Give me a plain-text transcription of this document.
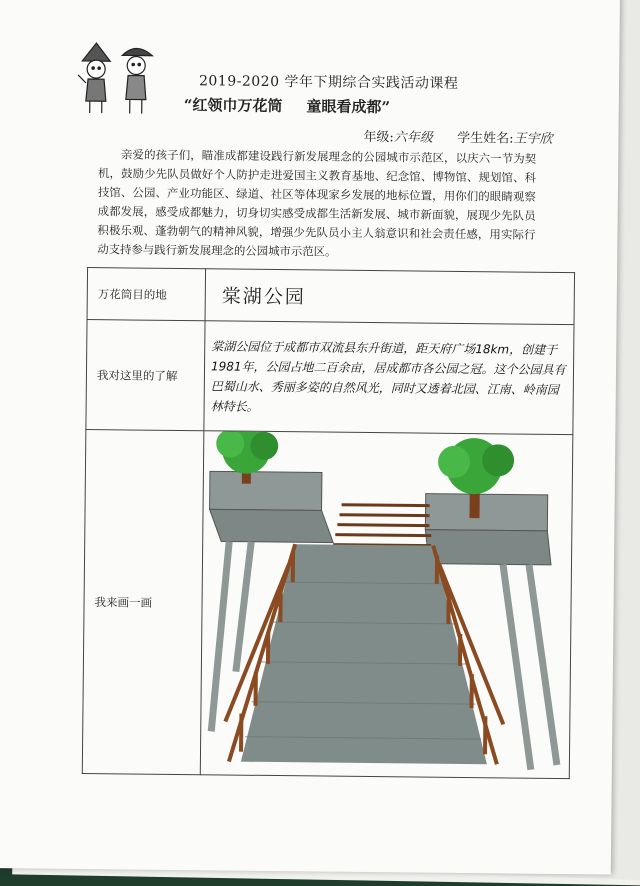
2019-2020 学年下期综合实践活动课程
“红领巾万花筒 童眼看成都”
年级:六年级 学生姓名:王宇欣
亲爱的孩子们，瞄准成都建设践行新发展理念的公园城市示范区，以庆六一节为契机，鼓励少先队员做好个人防护走进爱国主义教育基地、纪念馆、博物馆、规划馆、科技馆、公园、产业功能区、绿道、社区等体现家乡发展的地标位置，用你们的眼睛观察成都发展，感受成都魅力，切身切实感受成都生活新发展、城市新面貌，展现少先队员积极乐观、蓬勃朝气的精神风貌，增强少先队员小主人翁意识和社会责任感，用实际行动支持参与践行新发展理念的公园城市示范区。
万花筒目的地	棠湖公园
我对这里的了解	棠湖公园位于成都市双流县东升街道，距天府广场18km，创建于1981年，公园占地二百余亩，居成都市各公园之冠。这个公园具有巴蜀山水、秀丽多姿的自然风光，同时又透着北园、江南、岭南园林特长。
我来画一画	
